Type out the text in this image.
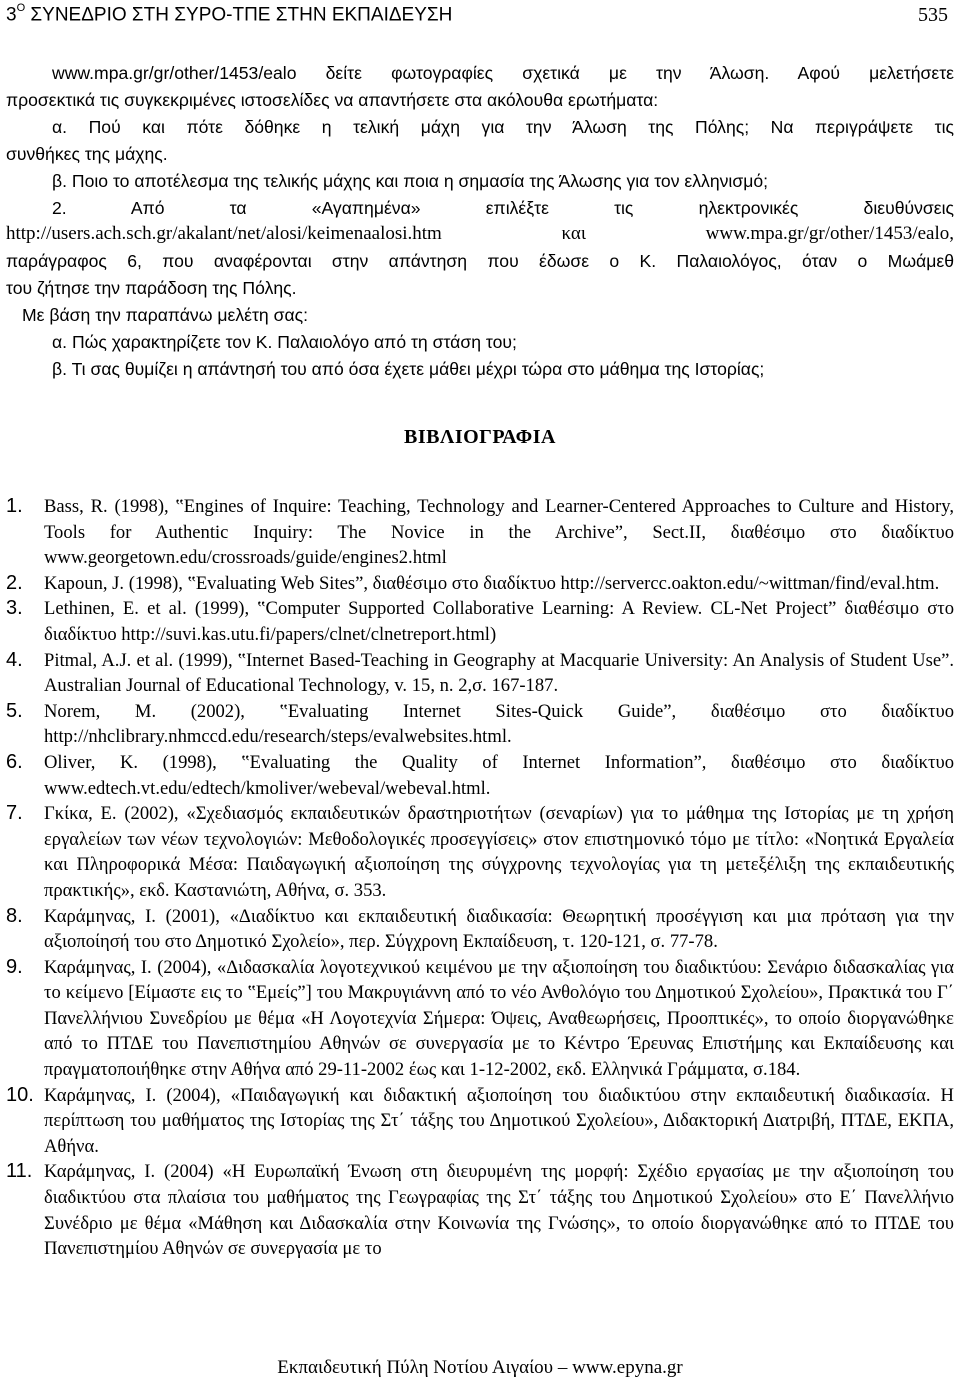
$3^O$ ΣΥΝΕΔΡΙΟ ΣΤΗ ΣΥΡΟ-ΤΠΕ ΣΤΗΝ ΕΚΠΑΙΔΕΥΣΗ	535

www.mpa.gr/gr/other/1453/ealo δείτε φωτογραφίες σχετικά με την Άλωση. Αφού μελετήσετε

προσεκτικά τις συγκεκριμένες ιστοσελίδες να απαντήσετε στα ακόλουθα ερωτήματα:

α. Πού και πότε δόθηκε η τελική μάχη για την Άλωση της Πόλης; Να περιγράψετε τις

συνθήκες της μάχης.

β. Ποιο το αποτέλεσμα της τελικής μάχης και ποια η σημασία της Άλωσης για τον ελληνισμό;

2. Από τα «Αγαπημένα» επιλέξτε τις ηλεκτρονικές διευθύνσεις

http://users.ach.sch.gr/akalant/net/alosi/keimenaalosi.htm και www.mpa.gr/gr/other/1453/ealo,

παράγραφος 6, που αναφέρονται στην απάντηση που έδωσε ο Κ. Παλαιολόγος, όταν ο Μωάμεθ

του ζήτησε την παράδοση της Πόλης.

Με βάση την παραπάνω μελέτη σας:

α. Πώς χαρακτηρίζετε τον Κ. Παλαιολόγο από τη στάση του;

β. Τι σας θυμίζει η απάντησή του από όσα έχετε μάθει μέχρι τώρα στο μάθημα της Ιστορίας;

ΒΙΒΛΙΟΓΡΑΦΙΑ
1.	Bass, R. (1998), ‟Engines of Inquire: Teaching, Technology and Learner-Centered Approaches to Culture and History, Tools for Authentic Inquiry: The Novice in the Archive”, Sect.II, διαθέσιμο στο διαδίκτυο www.georgetown.edu/crossroads/guide/engines2.html
2.	Kapoun, J. (1998), ‟Evaluating Web Sites”, διαθέσιμο στο διαδίκτυο http://servercc.oakton.edu/~wittman/find/eval.htm.
3.	Lethinen, E. et al. (1999), ‟Computer Supported Collaborative Learning: A Review. CL-Net Project” διαθέσιμο στο διαδίκτυο http://suvi.kas.utu.fi/papers/clnet/clnetreport.html)
4.	Pitmal, A.J. et al. (1999), ‟Internet Based-Teaching in Geography at Macquarie University: An Analysis of Student Use”. Australian Journal of Educational Technology, v. 15, n. 2,σ. 167-187.
5.	Norem, M. (2002), ‟Evaluating Internet Sites-Quick Guide”, διαθέσιμο στο διαδίκτυο http://nhclibrary.nhmccd.edu/research/steps/evalwebsites.html.
6.	Oliver, K. (1998), ‟Evaluating the Quality of Internet Information”, διαθέσιμο στο διαδίκτυο www.edtech.vt.edu/edtech/kmoliver/webeval/webeval.html.
7.	Γκίκα, Ε. (2002), «Σχεδιασμός εκπαιδευτικών δραστηριοτήτων (σεναρίων) για το μάθημα της Ιστορίας με τη χρήση εργαλείων των νέων τεχνολογιών: Μεθοδολογικές προσεγγίσεις» στον επιστημονικό τόμο με τίτλο: «Νοητικά Εργαλεία και Πληροφορικά Μέσα: Παιδαγωγική αξιοποίηση της σύγχρονης τεχνολογίας για τη μετεξέλιξη της εκπαιδευτικής πρακτικής», εκδ. Καστανιώτη, Αθήνα, σ. 353.
8.	Καράμηνας, Ι. (2001), «Διαδίκτυο και εκπαιδευτική διαδικασία: Θεωρητική προσέγγιση και μια πρόταση για την αξιοποίησή του στο Δημοτικό Σχολείο», περ. Σύγχρονη Εκπαίδευση, τ. 120-121, σ. 77-78.
9.	Καράμηνας, Ι. (2004), «Διδασκαλία λογοτεχνικού κειμένου με την αξιοποίηση του διαδικτύου: Σενάριο διδασκαλίας για το κείμενο [Είμαστε εις το ‟Εμείς”] του Μακρυγιάννη από το νέο Ανθολόγιο του Δημοτικού Σχολείου», Πρακτικά του Γ΄ Πανελλήνιου Συνεδρίου με θέμα «Η Λογοτεχνία Σήμερα: Όψεις, Αναθεωρήσεις, Προοπτικές», το οποίο διοργανώθηκε από το ΠΤΔΕ του Πανεπιστημίου Αθηνών σε συνεργασία με το Κέντρο Έρευνας Επιστήμης και Εκπαίδευσης και πραγματοποιήθηκε στην Αθήνα από 29-11-2002 έως και 1-12-2002, εκδ. Ελληνικά Γράμματα, σ.184.
10. Καράμηνας, Ι. (2004), «Παιδαγωγική και διδακτική αξιοποίηση του διαδικτύου στην εκπαιδευτική διαδικασία. Η περίπτωση του μαθήματος της Ιστορίας της Στ΄ τάξης του Δημοτικού Σχολείου», Διδακτορική Διατριβή, ΠΤΔΕ, ΕΚΠΑ, Αθήνα.
11. Καράμηνας, Ι. (2004) «Η Ευρωπαϊκή Ένωση στη διευρυμένη της μορφή: Σχέδιο εργασίας με την αξιοποίηση του διαδικτύου στα πλαίσια του μαθήματος της Γεωγραφίας της Στ΄ τάξης του Δημοτικού Σχολείου» στο Ε΄ Πανελλήνιο Συνέδριο με θέμα «Μάθηση και Διδασκαλία στην Κοινωνία της Γνώσης», το οποίο διοργανώθηκε από το ΠΤΔΕ του Πανεπιστημίου Αθηνών σε συνεργασία με το
Εκπαιδευτική Πύλη Νοτίου Αιγαίου – www.epyna.gr
